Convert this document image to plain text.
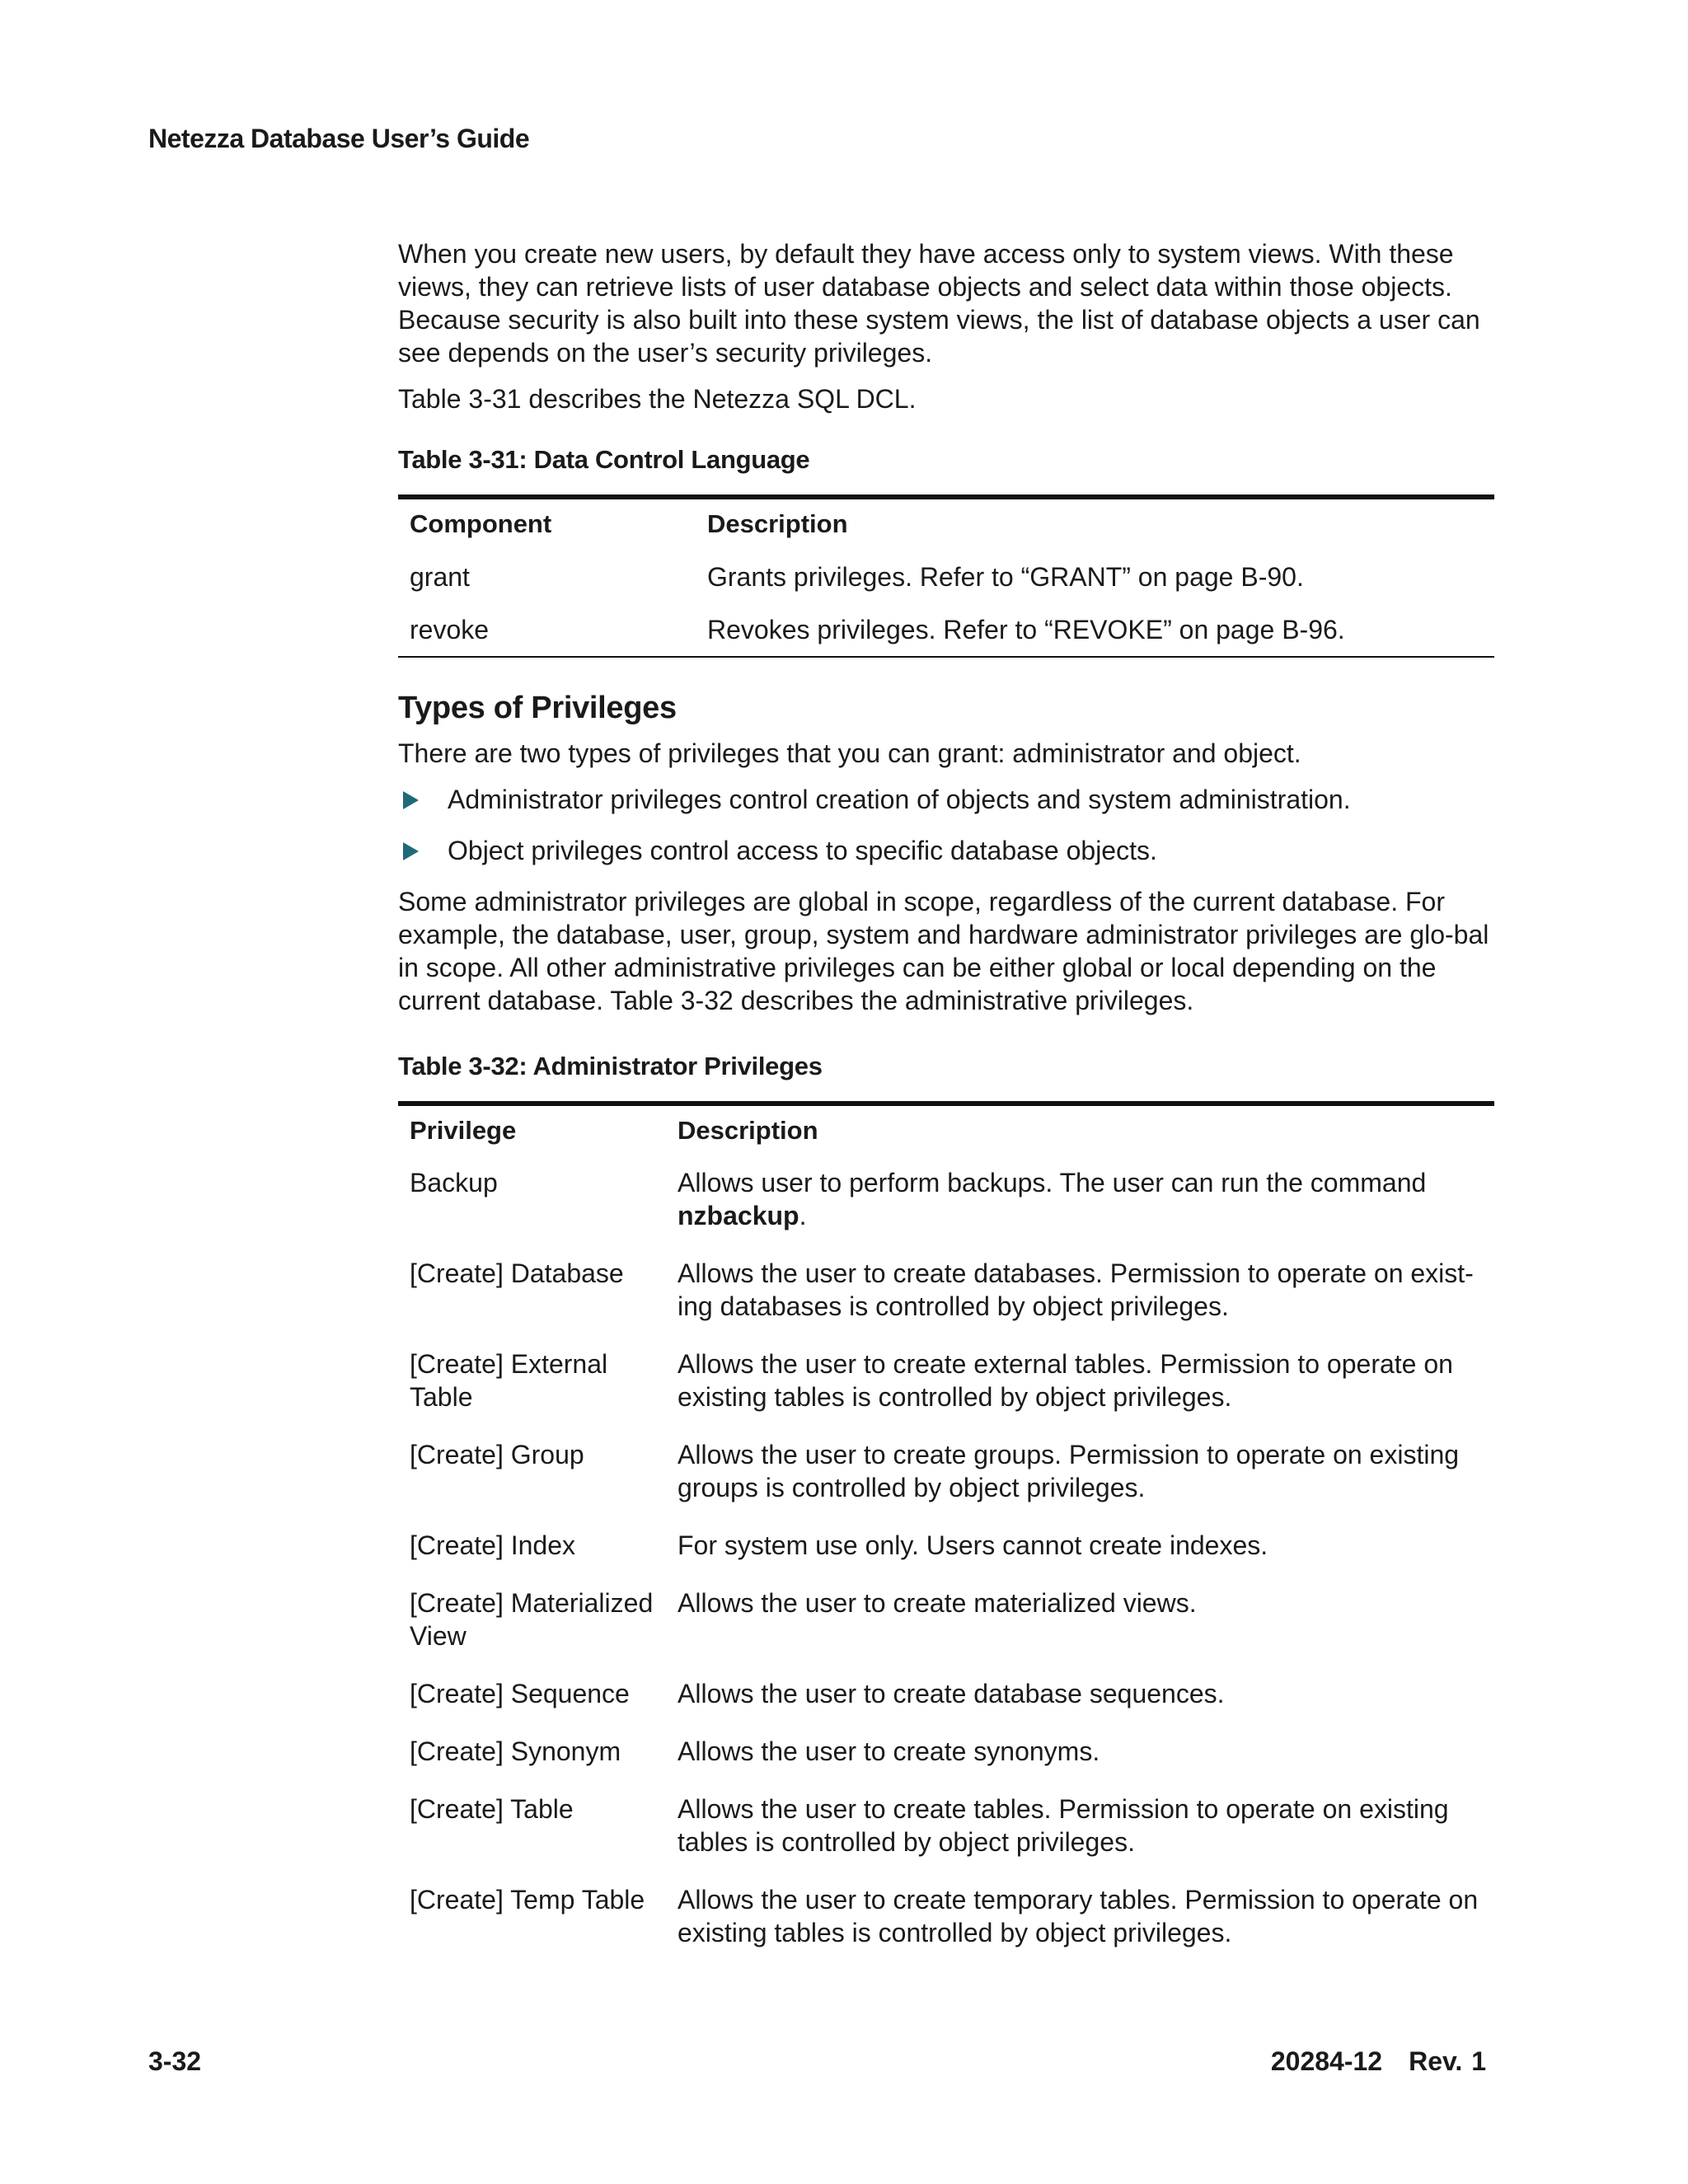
Netezza Database User’s Guide

When you create new users, by default they have access only to system views. With these views, they can retrieve lists of user database objects and select data within those objects. Because security is also built into these system views, the list of database objects a user can see depends on the user’s security privileges.

Table 3-31 describes the Netezza SQL DCL.

Table 3-31: Data Control Language
Component	Description
grant	Grants privileges. Refer to “GRANT” on page B-90.
revoke	Revokes privileges. Refer to “REVOKE” on page B-96.
Types of Privileges

There are two types of privileges that you can grant: administrator and object.

Administrator privileges control creation of objects and system administration.
Object privileges control access to specific database objects.

Some administrator privileges are global in scope, regardless of the current database. For example, the database, user, group, system and hardware administrator privileges are glo-bal in scope. All other administrative privileges can be either global or local depending on the current database. Table 3-32 describes the administrative privileges.

Table 3-32: Administrator Privileges
Privilege	Description
Backup	Allows user to perform backups. The user can run the command nzbackup.
[Create] Database	Allows the user to create databases. Permission to operate on exist-ing databases is controlled by object privileges.
[Create] External Table	Allows the user to create external tables. Permission to operate on existing tables is controlled by object privileges.
[Create] Group	Allows the user to create groups. Permission to operate on existing groups is controlled by object privileges.
[Create] Index	For system use only. Users cannot create indexes.
[Create] Materialized View	Allows the user to create materialized views.
[Create] Sequence	Allows the user to create database sequences.
[Create] Synonym	Allows the user to create synonyms.
[Create] Table	Allows the user to create tables. Permission to operate on existing tables is controlled by object privileges.
[Create] Temp Table	Allows the user to create temporary tables. Permission to operate on existing tables is controlled by object privileges.
3-32	20284-12 Rev. 1
